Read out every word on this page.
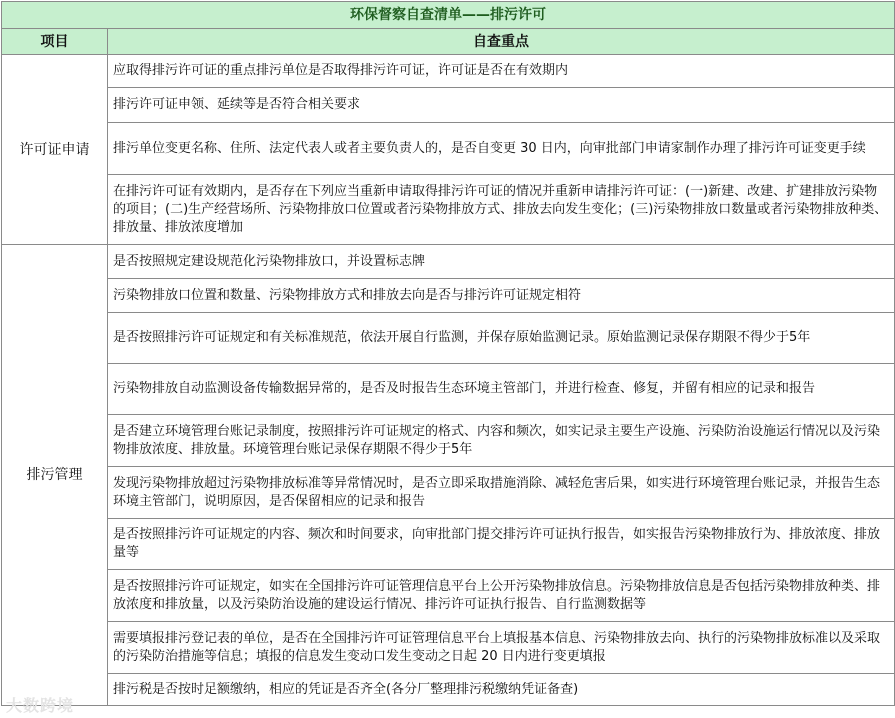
环保督察自查清单——排污许可	
项目	自查重点
许可证申请	应取得排污许可证的重点排污单位是否取得排污许可证，许可证是否在有效期内
	排污许可证申领、延续等是否符合相关要求
	排污单位变更名称、住所、法定代表人或者主要负责人的，是否自变更 30 日内，向审批部门申请家制作办理了排污许可证变更手续
	在排污许可证有效期内，是否存在下列应当重新申请取得排污许可证的情况并重新申请排污许可证：(一)新建、改建、扩建排放污染物的项目；(二)生产经营场所、污染物排放口位置或者污染物排放方式、排放去向发生变化；(三)污染物排放口数量或者污染物排放种类、排放量、排放浓度增加
排污管理	是否按照规定建设规范化污染物排放口，并设置标志牌
	污染物排放口位置和数量、污染物排放方式和排放去向是否与排污许可证规定相符
	是否按照排污许可证规定和有关标准规范，依法开展自行监测，并保存原始监测记录。原始监测记录保存期限不得少于5年
	污染物排放自动监测设备传输数据异常的，是否及时报告生态环境主管部门，并进行检查、修复，并留有相应的记录和报告
	是否建立环境管理台账记录制度，按照排污许可证规定的格式、内容和频次，如实记录主要生产设施、污染防治设施运行情况以及污染物排放浓度、排放量。环境管理台账记录保存期限不得少于5年
	发现污染物排放超过污染物排放标准等异常情况时，是否立即采取措施消除、减轻危害后果，如实进行环境管理台账记录，并报告生态环境主管部门，说明原因，是否保留相应的记录和报告
	是否按照排污许可证规定的内容、频次和时间要求，向审批部门提交排污许可证执行报告，如实报告污染物排放行为、排放浓度、排放量等
	是否按照排污许可证规定，如实在全国排污许可证管理信息平台上公开污染物排放信息。污染物排放信息是否包括污染物排放种类、排放浓度和排放量，以及污染防治设施的建设运行情况、排污许可证执行报告、自行监测数据等
	需要填报排污登记表的单位，是否在全国排污许可证管理信息平台上填报基本信息、污染物排放去向、执行的污染物排放标准以及采取的污染防治措施等信息；填报的信息发生变动口发生变动之日起 20 日内进行变更填报
	排污税是否按时足额缴纳，相应的凭证是否齐全(各分厂整理排污税缴纳凭证备查)
大数跨境
